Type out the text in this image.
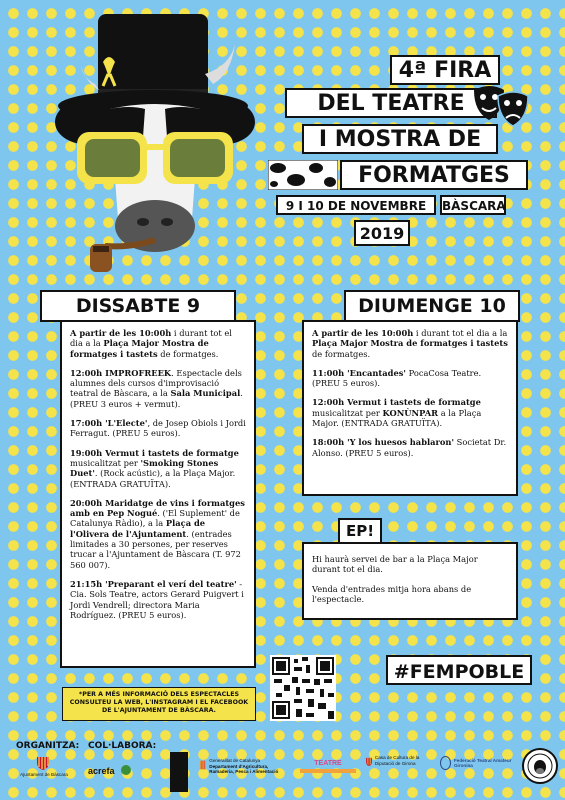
4ª FIRA
DEL TEATRE
I MOSTRA DE
FORMATGES
9 I 10 DE NOVEMBRE	BÀSCARA
2019
DISSABTE 9

A partir de les 10:00h i durant tot el dia a la Plaça Major Mostra de formatges i tastets de formatges.

12:00h IMPROFREEK. Espectacle dels alumnes dels cursos d'improvisació teatral de Bàscara, a la Sala Municipal. (PREU 3 euros + vermut).

17:00h 'L'Electe', de Josep Obiols i Jordi Ferragut. (PREU 5 euros).

19:00h Vermut i tastets de formatge musicalitzat per 'Smoking Stones Duet'. (Rock acústic), a la Plaça Major. (ENTRADA GRATUÏTA).

20:00h Maridatge de vins i formatges amb en Pep Nogué. ('El Suplement' de Catalunya Ràdio), a la Plaça de l'Olivera de l'Ajuntament. (entrades limitades a 30 persones, per reserves trucar a l'Ajuntament de Bàscara (T. 972 560 007).

21:15h 'Preparant el verí del teatre' - Cia. Sols Teatre, actors Gerard Puigvert i Jordi Vendrell; directora Maria Rodríguez. (PREU 5 euros).

DIUMENGE 10

A partir de les 10:00h i durant tot el dia a la Plaça Major Mostra de formatges i tastets de formatges.

11:00h 'Encantades' PocaCosa Teatre. (PREU 5 euros).

12:00h Vermut i tastets de formatge musicalitzat per KONÙNPAR a la Plaça Major. (ENTRADA GRATUÏTA).

18:00h 'Y los huesos hablaron' Societat Dr. Alonso. (PREU 5 euros).

EP!

Hi haurà servei de bar a la Plaça Major durant tot el dia.

Venda d'entrades mitja hora abans de l'espectacle.

#FEMPOBLE
*PER A MÉS INFORMACIÓ DELS ESPECTACLES CONSULTEU LA WEB, L'INSTAGRAM I EL FACEBOOK DE L'AJUNTAMENT DE BÀSCARA.
ORGANITZA: COL·LABORA:
Ajuntament de Bàscara	acrefa
Generalitat de Catalunya
Departament d'Agricultura, Ramaderia, Pesca i Alimentació
TEATRE
Casa de Cultura de la Diputació de Girona
Federació Teatral Amateur Gironina
